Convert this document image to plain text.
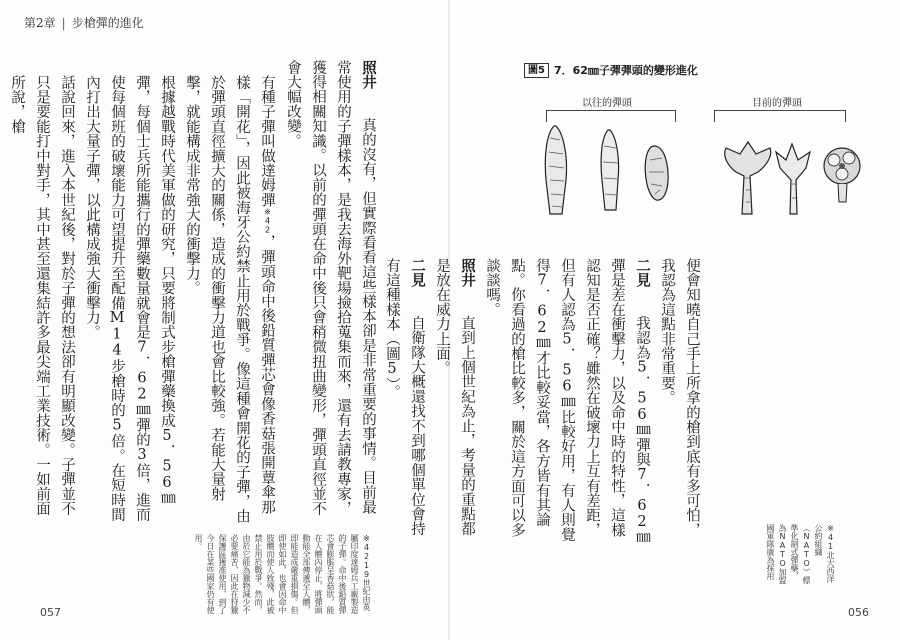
第2章 | 步槍彈的進化

照井 真的沒有，但實際看看這些樣本卻是非常重要的事情。目前最常使用的子彈樣本，是我去海外靶場撿拾蒐集而來，還有去請教專家，獲得相關知識。以前的彈頭在命中後只會稍微扭曲變形，彈頭直徑並不會大幅改變。

有種子彈叫做達姆彈※42，彈頭命中後鉛質彈芯會像香菇張開蕈傘那樣「開花」，因此被海牙公約禁止用於戰爭。像這種會開花的子彈，由於彈頭直徑擴大的關係，造成的衝擊力道也會比較強。若能大量射擊，就能構成非常強大的衝擊力。

根據越戰時代美軍做的研究，只要將制式步槍彈藥換成5．56㎜彈，每個士兵所能攜行的彈藥數量就會是7．62㎜彈的3倍，進而使每個班的破壞能力可望提升至配備M14步槍時的5倍。在短時間內打出大量子彈，以此構成強大衝擊力。

話說回來，進入本世紀後，對於子彈的想法卻有明顯改變。子彈並不只是要能打中對手，其中甚至還集結許多最尖端工業技術。一如前面所說，槍

※4219世紀由英屬印度達姆兵工廠製造的子彈。命中後鉛質彈芯會膨脹呈香菇狀，能在人體內停止，將彈頭動能全部傳遞至人體，即能造成嚴重損傷。但即使如此，也會因命中肢體而使人致殘，此被禁止用於戰爭。然而，由於它能為獵物減少不必要痛苦，因此在狩獵保護區獲准使用，到了今日在某些國家仍有使用。
057
圖5 7．62㎜子彈彈頭的變形進化
以往的彈頭	目前的彈頭

便會知曉自己手上所拿的槍到底有多可怕，我認為這點非常重要。

二見 我認為5．56㎜彈與7．62㎜彈是差在衝擊力，以及命中時的特性，這樣認知是否正確？雖然在破壞力上互有差距，但有人認為5．56㎜比較好用，有人則覺得7．62㎜才比較妥當，各方皆有其論點。你看過的槍比較多，關於這方面可以多談談嗎。

照井 直到上個世紀為止，考量的重點都是放在威力上面。

二見 自衛隊大概還找不到哪個單位會持有這種樣本（圖5）。

※41北大西洋公約組織（NATO）標準化制式彈藥，為NATO加盟國軍隊廣為採用
056
